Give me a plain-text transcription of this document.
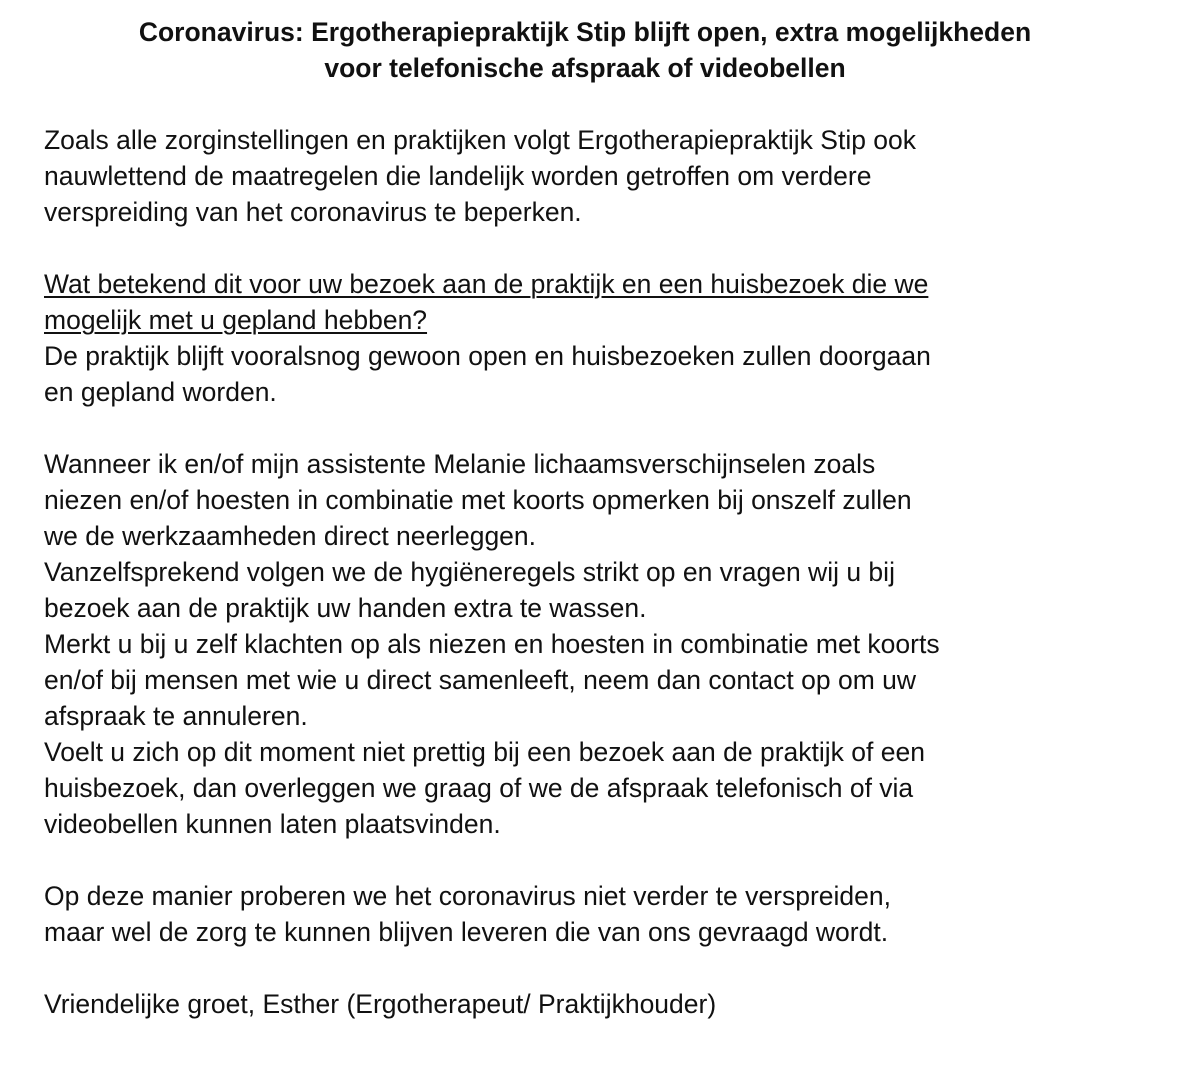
Coronavirus: Ergotherapiepraktijk Stip blijft open, extra mogelijkheden
voor telefonische afspraak of videobellen
Zoals alle zorginstellingen en praktijken volgt Ergotherapiepraktijk Stip ook
nauwlettend de maatregelen die landelijk worden getroffen om verdere
verspreiding van het coronavirus te beperken.
Wat betekend dit voor uw bezoek aan de praktijk en een huisbezoek die we
mogelijk met u gepland hebben?
De praktijk blijft vooralsnog gewoon open en huisbezoeken zullen doorgaan
en gepland worden.
Wanneer ik en/of mijn assistente Melanie lichaamsverschijnselen zoals
niezen en/of hoesten in combinatie met koorts opmerken bij onszelf zullen
we de werkzaamheden direct neerleggen.
Vanzelfsprekend volgen we de hygiëneregels strikt op en vragen wij u bij
bezoek aan de praktijk uw handen extra te wassen.
Merkt u bij u zelf klachten op als niezen en hoesten in combinatie met koorts
en/of bij mensen met wie u direct samenleeft, neem dan contact op om uw
afspraak te annuleren.
Voelt u zich op dit moment niet prettig bij een bezoek aan de praktijk of een
huisbezoek, dan overleggen we graag of we de afspraak telefonisch of via
videobellen kunnen laten plaatsvinden.
Op deze manier proberen we het coronavirus niet verder te verspreiden,
maar wel de zorg te kunnen blijven leveren die van ons gevraagd wordt.
Vriendelijke groet, Esther (Ergotherapeut/ Praktijkhouder)
